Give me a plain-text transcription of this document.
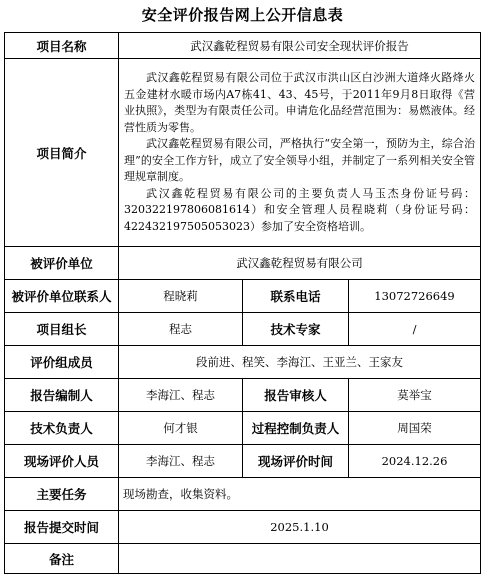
安全评价报告网上公开信息表
项目名称	武汉鑫乾程贸易有限公司安全现状评价报告		
项目简介	武汉鑫乾程贸易有限公司位于武汉市洪山区白沙洲大道烽火路烽火五金建材水暖市场内A7栋41、43、45号，于2011年9月8日取得《营业执照》，类型为有限责任公司。申请危化品经营范围为：易燃液体。经营性质为零售。

武汉鑫乾程贸易有限公司，严格执行“安全第一，预防为主，综合治理”的安全工作方针，成立了安全领导小组，并制定了一系列相关安全管理规章制度。

武汉鑫乾程贸易有限公司的主要负责人马玉杰身份证号码：320322197806081614）和安全管理人员程晓莉（身份证号码：422432197505053023）参加了安全资格培训。		

被评价单位	武汉鑫乾程贸易有限公司		
被评价单位联系人	程晓莉	联系电话	13072726649
项目组长	程志	技术专家	/
评价组成员	段前进、程笑、李海江、王亚兰、王家友		
报告编制人	李海江、程志	报告审核人	莫举宝
技术负责人	何才银	过程控制负责人	周国荣
现场评价人员	李海江、程志	现场评价时间	2024.12.26
主要任务	现场勘查，收集资料。		
报告提交时间	2025.1.10		
备注			
